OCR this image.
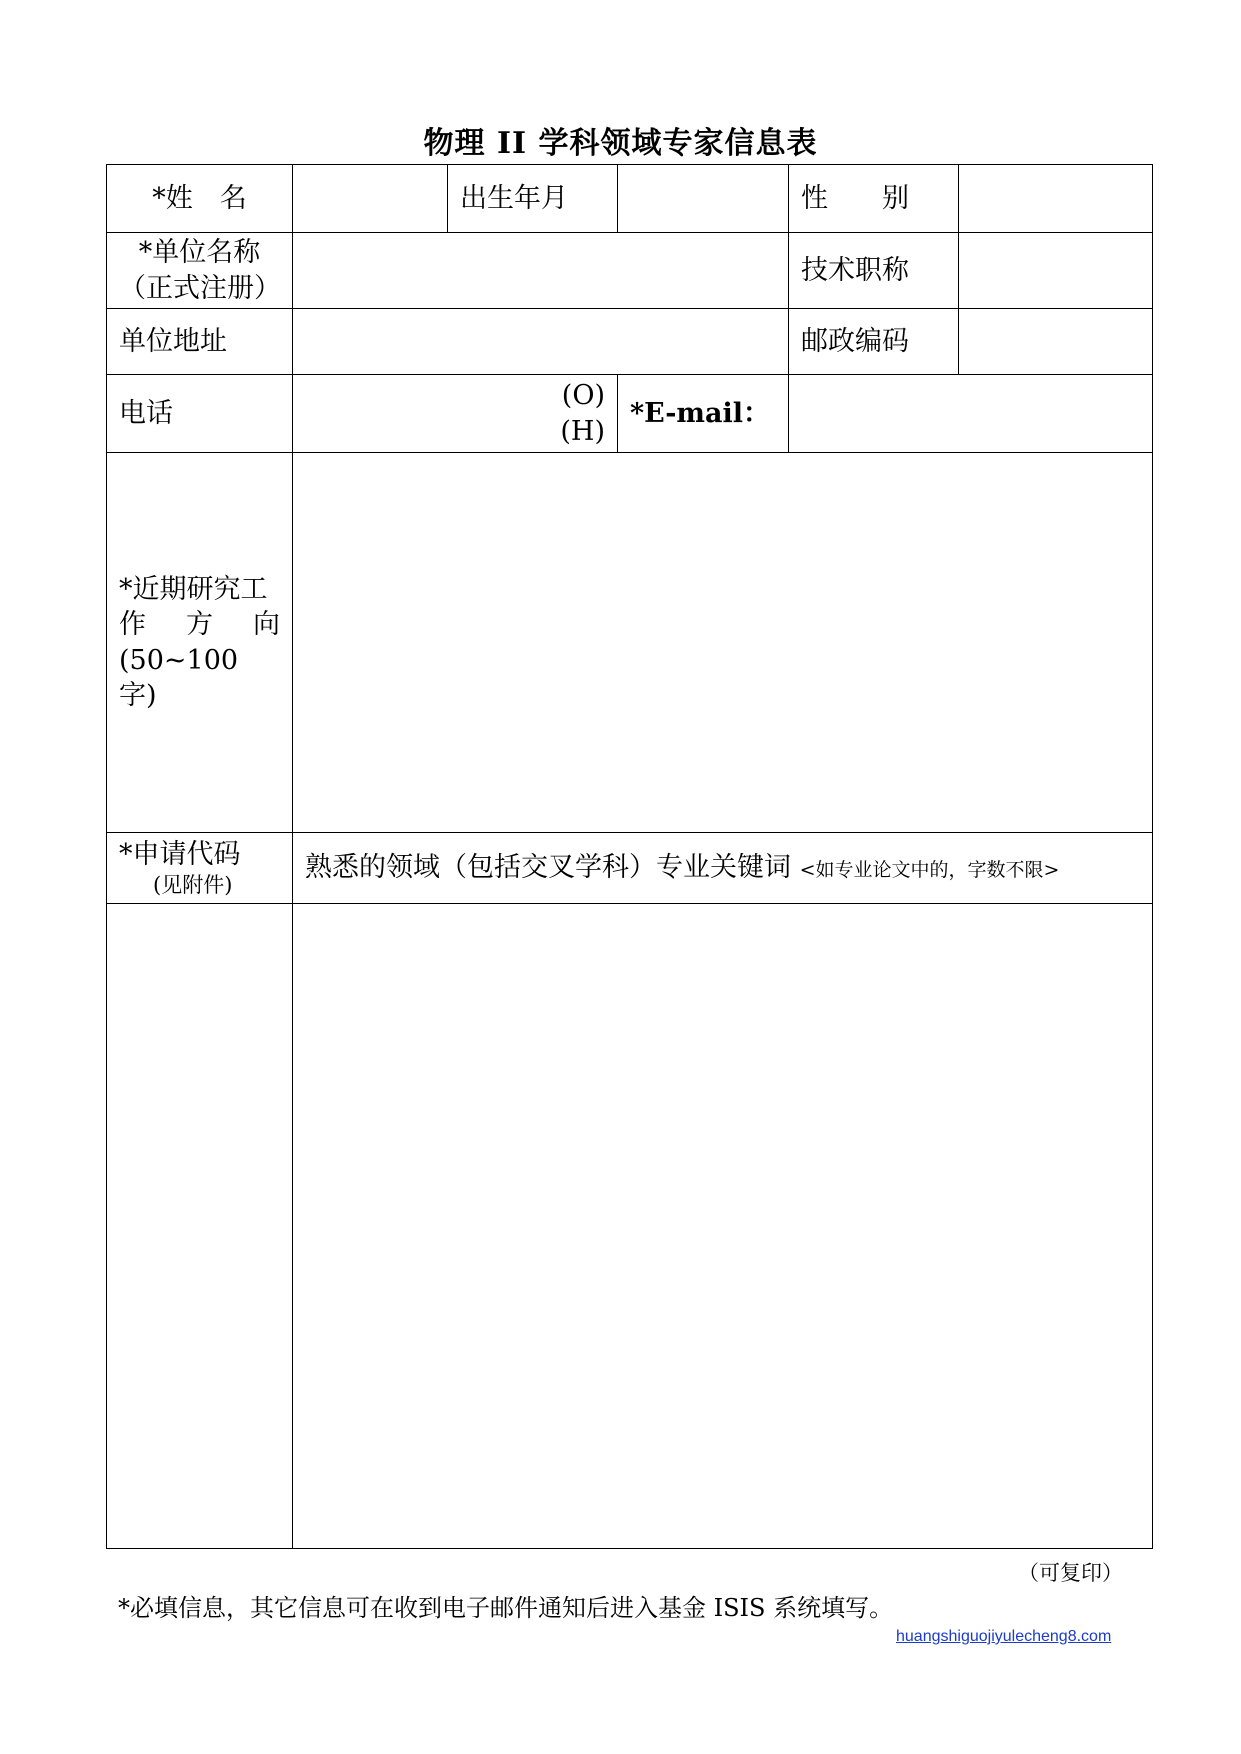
物理 II 学科领域专家信息表
*姓　名		出生年月		性　　别	

*单位名称
（正式注册）				技术职称	
单位地址				邮政编码	
电话	(O)
(H)		*E-mail：		

*近期研究工
作 方 向
(50~100 字)					

*申请代码
(见附件)	熟悉的领域（包括交叉学科）专业关键词 <如专业论文中的，字数不限>				

（可复印）
*必填信息，其它信息可在收到电子邮件通知后进入基金 ISIS 系统填写。
huangshiguojiyulecheng8.com
